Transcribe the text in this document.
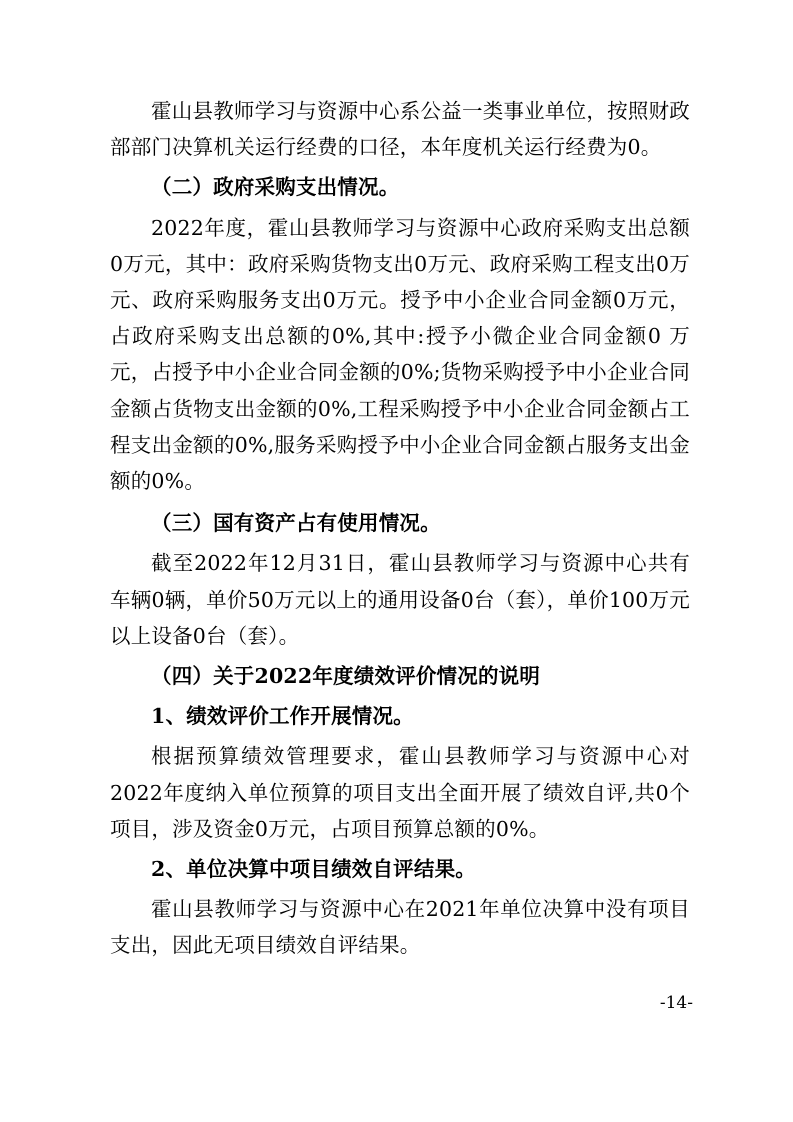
霍山县教师学习与资源中心系公益一类事业单位，按照财政部部门决算机关运行经费的口径，本年度机关运行经费为0。

（二）政府采购支出情况。

2022年度，霍山县教师学习与资源中心政府采购支出总额0万元，其中：政府采购货物支出0万元、政府采购工程支出0万元、政府采购服务支出0万元。授予中小企业合同金额0万元，占政府采购支出总额的0%,其中:授予小微企业合同金额0 万元，占授予中小企业合同金额的0%;货物采购授予中小企业合同金额占货物支出金额的0%,工程采购授予中小企业合同金额占工程支出金额的0%,服务采购授予中小企业合同金额占服务支出金额的0%。

（三）国有资产占有使用情况。

截至2022年12月31日，霍山县教师学习与资源中心共有车辆0辆，单价50万元以上的通用设备0台（套），单价100万元以上设备0台（套）。

（四）关于2022年度绩效评价情况的说明

1、绩效评价工作开展情况。

根据预算绩效管理要求，霍山县教师学习与资源中心对2022年度纳入单位预算的项目支出全面开展了绩效自评,共0个项目，涉及资金0万元，占项目预算总额的0%。

2、单位决算中项目绩效自评结果。

霍山县教师学习与资源中心在2021年单位决算中没有项目支出，因此无项目绩效自评结果。

-14-
